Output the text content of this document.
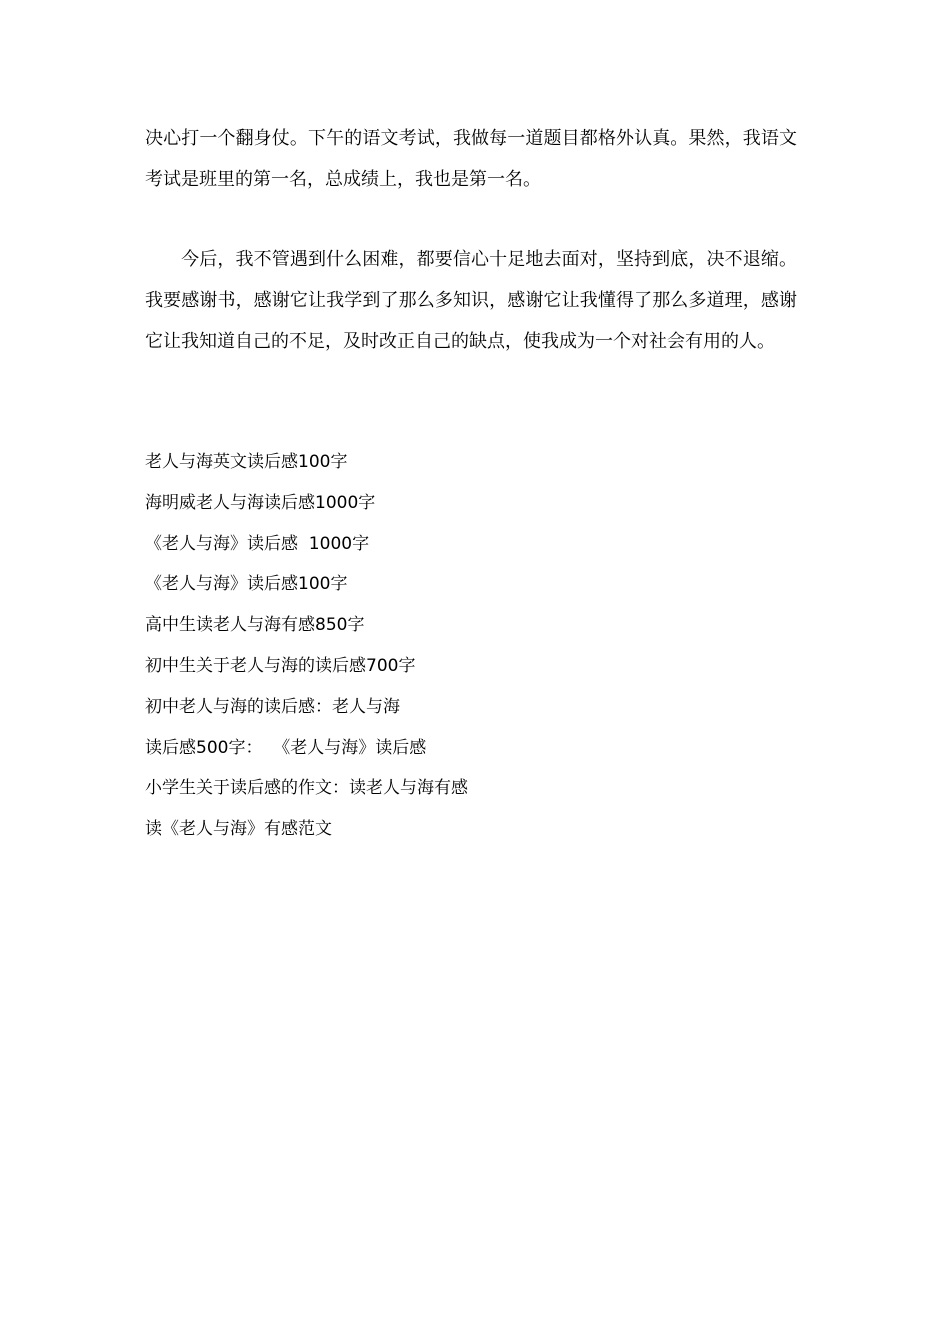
决心打一个翻身仗。下午的语文考试，我做每一道题目都格外认真。果然，我语文考试是班里的第一名，总成绩上，我也是第一名。

今后，我不管遇到什么困难，都要信心十足地去面对，坚持到底，决不退缩。我要感谢书，感谢它让我学到了那么多知识，感谢它让我懂得了那么多道理，感谢它让我知道自己的不足，及时改正自己的缺点，使我成为一个对社会有用的人。

老人与海英文读后感100字
海明威老人与海读后感1000字
《老人与海》读后感  1000字
《老人与海》读后感100字
高中生读老人与海有感850字
初中生关于老人与海的读后感700字
初中老人与海的读后感：老人与海
读后感500字：  《老人与海》读后感
小学生关于读后感的作文：读老人与海有感
读《老人与海》有感范文
